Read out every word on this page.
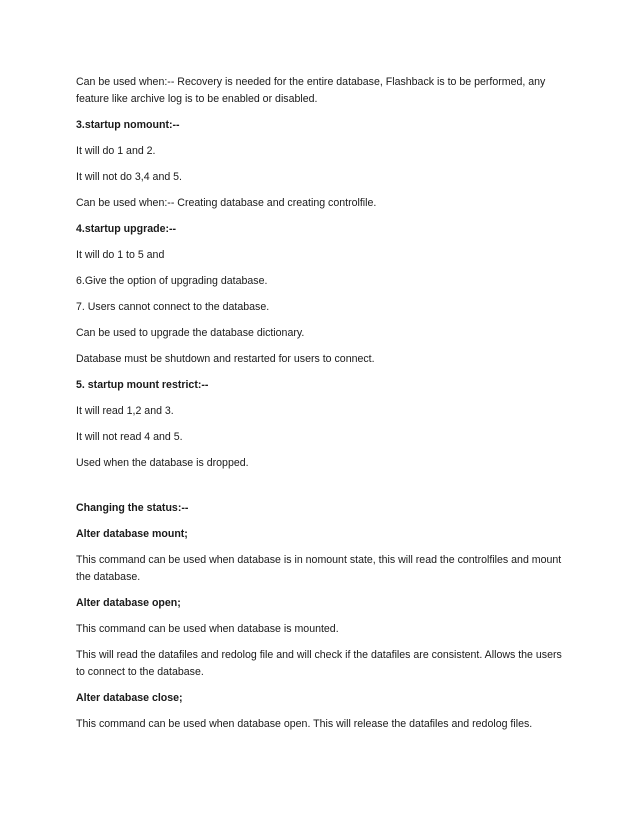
Can be used when:-- Recovery is needed for the entire database, Flashback is to be performed, any feature like archive log is to be enabled or disabled.

3.startup nomount:--

It will do 1 and 2.

It will not do 3,4 and 5.

Can be used when:-- Creating database and creating controlfile.

4.startup upgrade:--

It will do 1 to 5 and

6.Give the option of upgrading database.

7. Users cannot connect to the database.

Can be used to upgrade the database dictionary.

Database must be shutdown and restarted for users to connect.

5. startup mount restrict:--

It will read 1,2 and 3.

It will not read 4 and 5.

Used when the database is dropped.

Changing the status:--

Alter database mount;

This command can be used when database is in nomount state, this will read the controlfiles and mount the database.

Alter database open;

This command can be used when database is mounted.

This will read the datafiles and redolog file and will check if the datafiles are consistent. Allows the users to connect to the database.

Alter database close;

This command can be used when database open. This will release the datafiles and redolog files.
